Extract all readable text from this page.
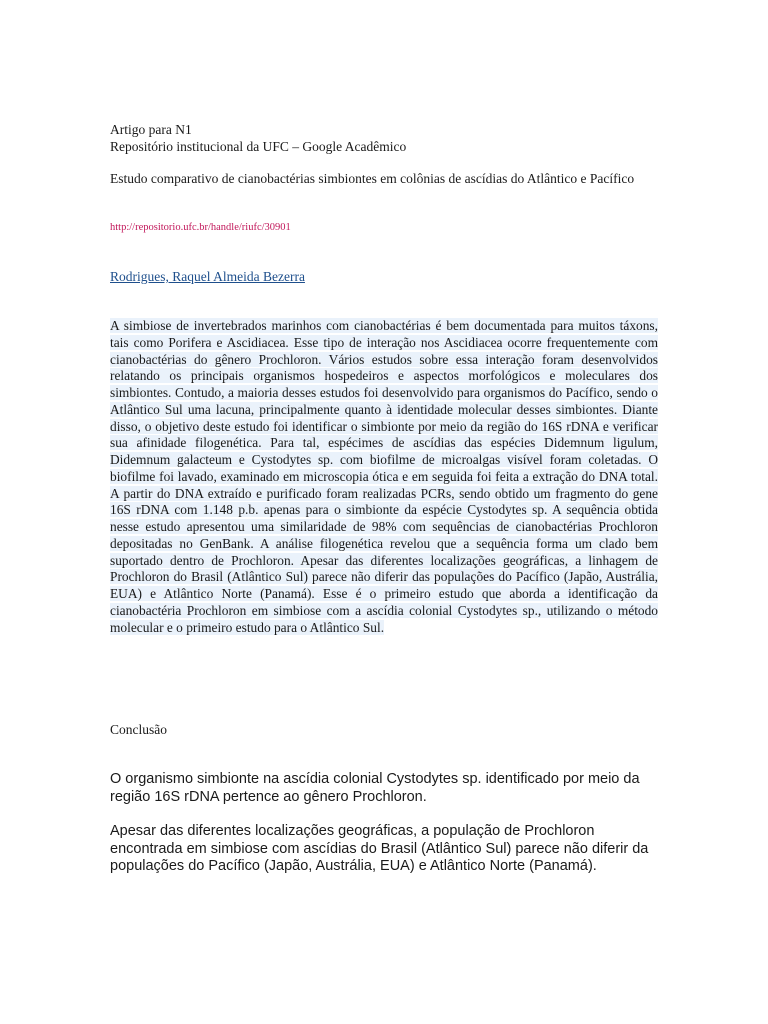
Artigo para N1
Repositório institucional da UFC – Google Acadêmico
Estudo comparativo de cianobactérias simbiontes em colônias de ascídias do Atlântico e Pacífico
http://repositorio.ufc.br/handle/riufc/30901
Rodrigues, Raquel Almeida Bezerra

A simbiose de invertebrados marinhos com cianobactérias é bem documentada para muitos táxons, tais como Porifera e Ascidiacea. Esse tipo de interação nos Ascidiacea ocorre frequentemente com cianobactérias do gênero Prochloron. Vários estudos sobre essa interação foram desenvolvidos relatando os principais organismos hospedeiros e aspectos morfológicos e moleculares dos simbiontes. Contudo, a maioria desses estudos foi desenvolvido para organismos do Pacífico, sendo o Atlântico Sul uma lacuna, principalmente quanto à identidade molecular desses simbiontes. Diante disso, o objetivo deste estudo foi identificar o simbionte por meio da região do 16S rDNA e verificar sua afinidade filogenética. Para tal, espécimes de ascídias das espécies Didemnum ligulum, Didemnum galacteum e Cystodytes sp. com biofilme de microalgas visível foram coletadas. O biofilme foi lavado, examinado em microscopia ótica e em seguida foi feita a extração do DNA total. A partir do DNA extraído e purificado foram realizadas PCRs, sendo obtido um fragmento do gene 16S rDNA com 1.148 p.b. apenas para o simbionte da espécie Cystodytes sp. A sequência obtida nesse estudo apresentou uma similaridade de 98% com sequências de cianobactérias Prochloron depositadas no GenBank. A análise filogenética revelou que a sequência forma um clado bem suportado dentro de Prochloron. Apesar das diferentes localizações geográficas, a linhagem de Prochloron do Brasil (Atlântico Sul) parece não diferir das populações do Pacífico (Japão, Austrália, EUA) e Atlântico Norte (Panamá). Esse é o primeiro estudo que aborda a identificação da cianobactéria Prochloron em simbiose com a ascídia colonial Cystodytes sp., utilizando o método molecular e o primeiro estudo para o Atlântico Sul.

Conclusão

O organismo simbionte na ascídia colonial Cystodytes sp. identificado por meio da região 16S rDNA pertence ao gênero Prochloron.

Apesar das diferentes localizações geográficas, a população de Prochloron encontrada em simbiose com ascídias do Brasil (Atlântico Sul) parece não diferir da populações do Pacífico (Japão, Austrália, EUA) e Atlântico Norte (Panamá).
